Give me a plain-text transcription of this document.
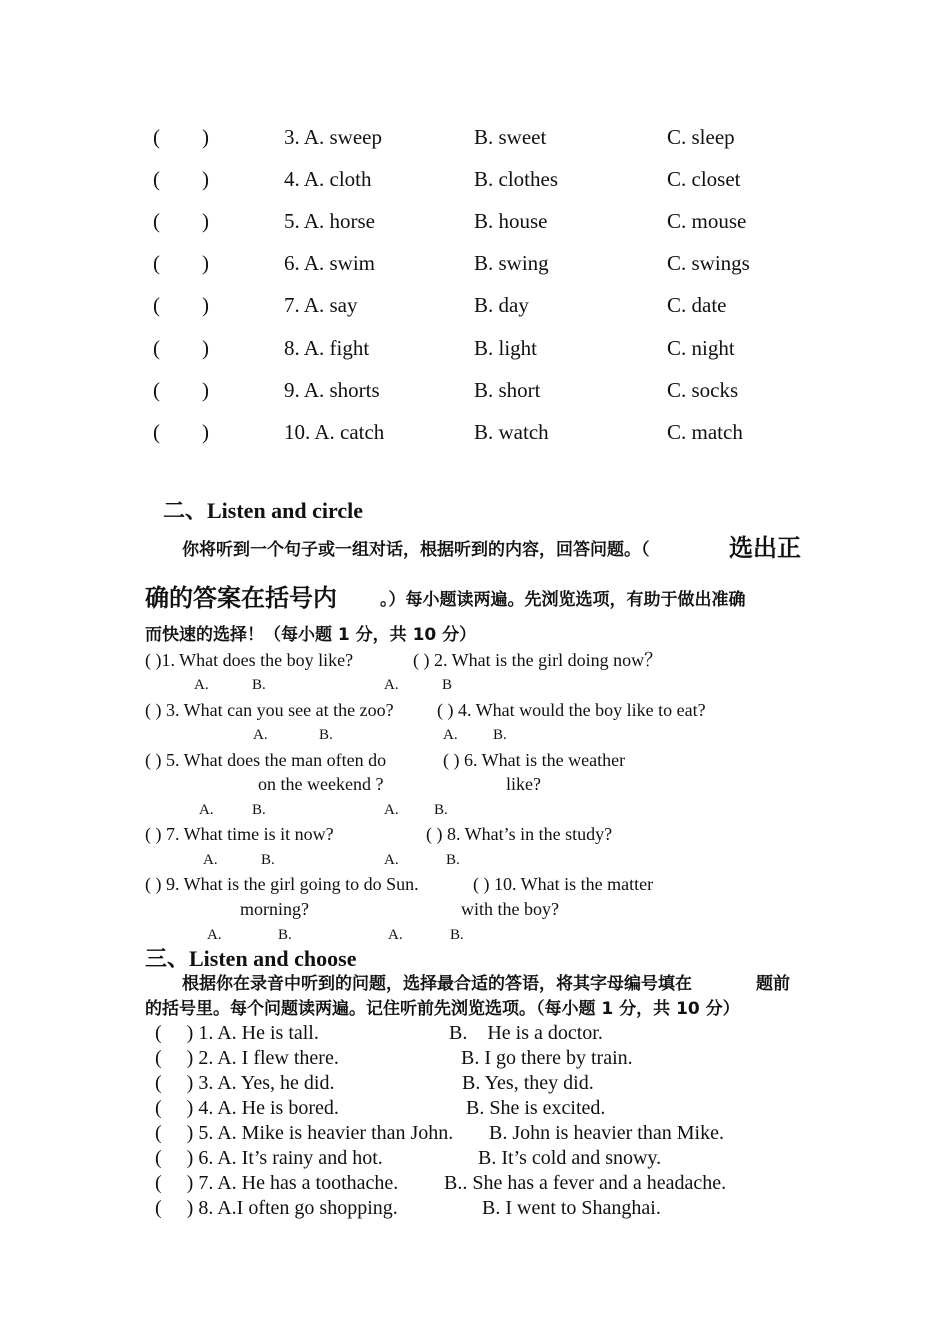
(        )	3. A. sweep	B. sweet	C. sleep
(        )	4. A. cloth	B. clothes	C. closet
(        )	5. A. horse	B. house	C. mouse
(        )	6. A. swim	B. swing	C. swings
(        )	7. A. say	B. day	C. date
(        )	8. A. fight	B. light	C. night
(        )	9. A. shorts	B. short	C. socks
(        )	10. A. catch	B. watch	C. match
二、Listen and circle
你将听到一个句子或一组对话，根据听到的内容，回答问题。（	选出正
确的答案在括号内	。）每小题读两遍。先浏览选项，有助于做出准确
而快速的选择！（每小题 1 分，共 10 分）
( )1. What does the boy like?	( ) 2. What is the girl doing now？
A.	B.	A.	B
( ) 3. What can you see at the zoo? ( ) 4. What would the boy like to eat?
A.	B.	A. B.
( ) 5. What does the man often do	( ) 6. What is the weather
on the weekend ?	like?
A.	B.	A. B.
( ) 7. What time is it now?	( ) 8. What’s in the study?
A.	B.	A.	B.
( ) 9. What is the girl going to do Sun.	( ) 10. What is the matter
morning?	with the boy?
A.	B.	A.	B.
三、Listen and choose
根据你在录音中听到的问题，选择最合适的答语，将其字母编号填在	题前
的括号里。每个问题读两遍。记住听前先浏览选项。（每小题 1 分，共 10 分）
(     ) 1. A. He is tall.	B.    He is a doctor.
(     ) 2. A. I flew there.	B. I go there by train.
(     ) 3. A. Yes, he did.	B. Yes, they did.
(     ) 4. A. He is bored.	B. She is excited.
(     ) 5. A. Mike is heavier than John. B. John is heavier than Mike.
(     ) 6. A. It’s rainy and hot.	B. It’s cold and snowy.
(     ) 7. A. He has a toothache. B.. She has a fever and a headache.
(     ) 8. A.I often go shopping.	B. I went to Shanghai.
